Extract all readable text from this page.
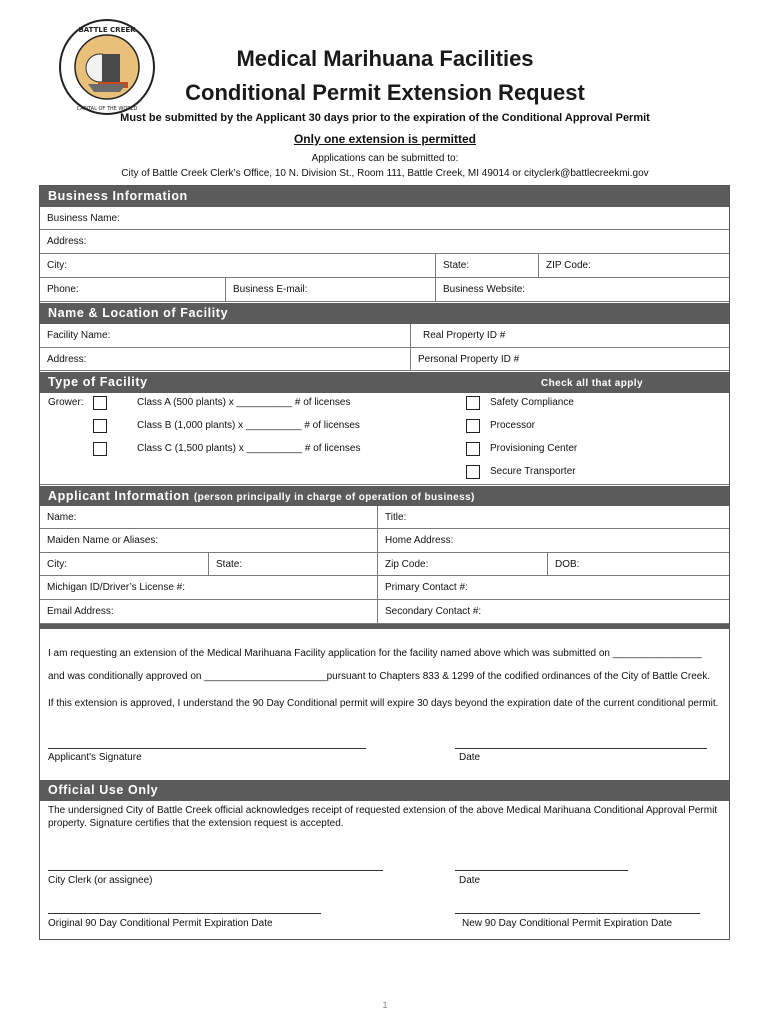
BATTLE CREEK
CAPITAL OF THE WORLD
Medical Marihuana Facilities
Conditional Permit Extension Request
Must be submitted by the Applicant 30 days prior to the expiration of the Conditional Approval Permit
Only one extension is permitted
Applications can be submitted to:
City of Battle Creek Clerk’s Office, 10 N. Division St., Room 111, Battle Creek, MI 49014 or cityclerk@battlecreekmi.gov
Business Information
Business Name:
Address:
City:	State:	ZIP Code:
Phone:	Business E-mail:	Business Website:
Name & Location of Facility
Facility Name:	Real Property ID #
Address:	Personal Property ID #
Type of Facility	Check all that apply
Grower:	Class A (500 plants) x __________ # of licenses
Class B (1,000 plants) x __________ # of licenses
Class C (1,500 plants) x __________ # of licenses
Safety Compliance
Processor
Provisioning Center
Secure Transporter
Applicant Information (person principally in charge of operation of business)
Name:	Title:
Maiden Name or Aliases:	Home Address:
City:	State:	Zip Code:	DOB:
Michigan ID/Driver’s License #:	Primary Contact #:
Email Address:	Secondary Contact #:
I am requesting an extension of the Medical Marihuana Facility application for the facility named above which was submitted on ________________
and was conditionally approved on ______________________pursuant to Chapters 833 & 1299 of the codified ordinances of the City of Battle Creek.
If this extension is approved, I understand the 90 Day Conditional permit will expire 30 days beyond the expiration date of the current conditional permit.
Applicant's Signature	Date
Official Use Only
The undersigned City of Battle Creek official acknowledges receipt of requested extension of the above Medical Marihuana Conditional Approval Permit property. Signature certifies that the extension request is accepted.
City Clerk (or assignee)	Date
Original 90 Day Conditional Permit Expiration Date	New 90 Day Conditional Permit Expiration Date
1
